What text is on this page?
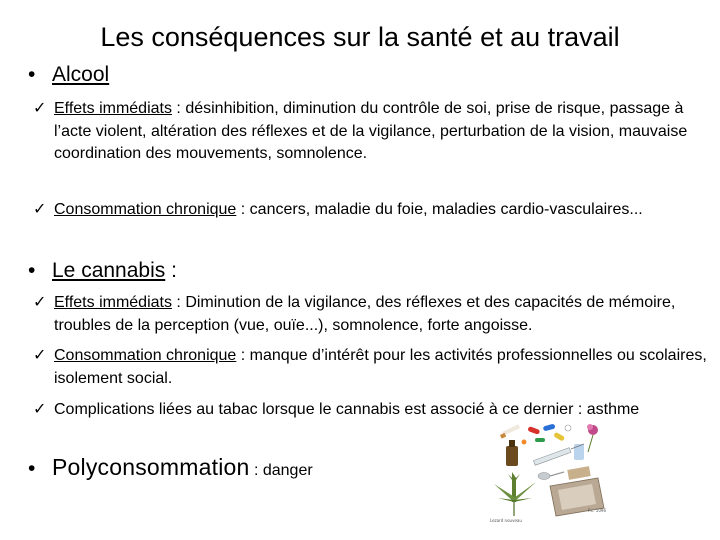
Les conséquences sur la santé et au travail
• Alcool
✓ Effets immédiats : désinhibition, diminution du contrôle de soi, prise de risque, passage à l’acte violent, altération des réflexes et de la vigilance, perturbation de la vision, mauvaise coordination des mouvements, somnolence.
✓ Consommation chronique : cancers, maladie du foie, maladies cardio-vasculaires...
• Le cannabis :
✓ Effets immédiats : Diminution de la vigilance, des réflexes et des capacités de mémoire, troubles de la perception (vue, ouïe...), somnolence, forte angoisse.
✓ Consommation chronique : manque d’intérêt pour les activités professionnelles ou scolaires, isolement social.
✓ Complications liées au tabac lorsque le cannabis est associé à ce dernier : asthme
• Polyconsommation : danger
Lezard nouveau
P.c. 1096
